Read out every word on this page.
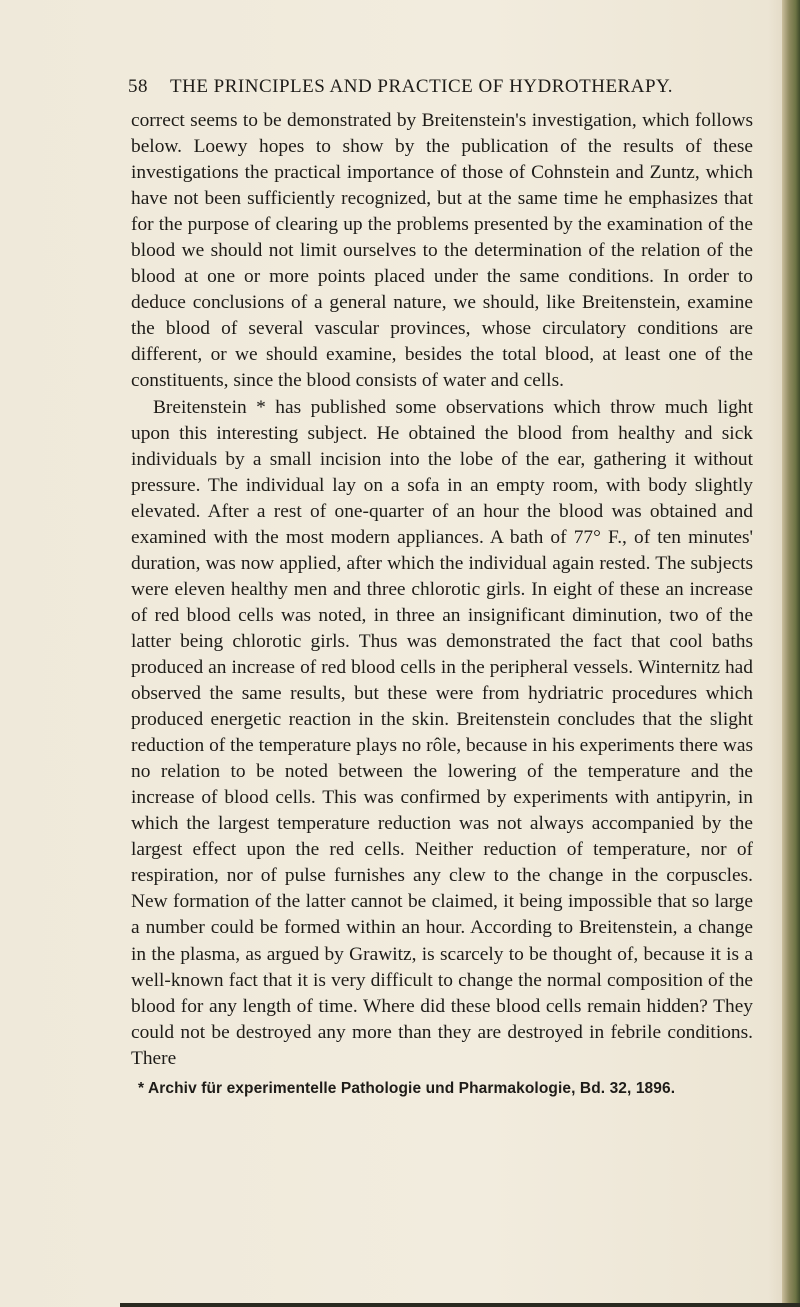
58 THE PRINCIPLES AND PRACTICE OF HYDROTHERAPY.

correct seems to be demonstrated by Breitenstein's investigation, which follows below. Loewy hopes to show by the publication of the results of these investigations the practical importance of those of Cohnstein and Zuntz, which have not been sufficiently recognized, but at the same time he emphasizes that for the purpose of clearing up the problems presented by the examination of the blood we should not limit ourselves to the determination of the relation of the blood at one or more points placed under the same conditions. In order to deduce conclusions of a general nature, we should, like Breitenstein, examine the blood of several vascular provinces, whose circulatory conditions are different, or we should examine, besides the total blood, at least one of the constituents, since the blood consists of water and cells.

Breitenstein * has published some observations which throw much light upon this interesting subject. He obtained the blood from healthy and sick individuals by a small incision into the lobe of the ear, gathering it without pressure. The individual lay on a sofa in an empty room, with body slightly elevated. After a rest of one-quarter of an hour the blood was obtained and examined with the most modern appliances. A bath of 77° F., of ten minutes' duration, was now applied, after which the individual again rested. The subjects were eleven healthy men and three chlorotic girls. In eight of these an increase of red blood cells was noted, in three an insignificant diminution, two of the latter being chlorotic girls. Thus was demonstrated the fact that cool baths produced an increase of red blood cells in the peripheral vessels. Winternitz had observed the same results, but these were from hydriatric procedures which produced energetic reaction in the skin. Breitenstein concludes that the slight reduction of the temperature plays no rôle, because in his experiments there was no relation to be noted between the lowering of the temperature and the increase of blood cells. This was confirmed by experiments with antipyrin, in which the largest temperature reduction was not always accompanied by the largest effect upon the red cells. Neither reduction of temperature, nor of respiration, nor of pulse furnishes any clew to the change in the corpuscles. New formation of the latter cannot be claimed, it being impossible that so large a number could be formed within an hour. According to Breitenstein, a change in the plasma, as argued by Grawitz, is scarcely to be thought of, because it is a well-known fact that it is very difficult to change the normal composition of the blood for any length of time. Where did these blood cells remain hidden? They could not be destroyed any more than they are destroyed in febrile conditions. There

* Archiv für experimentelle Pathologie und Pharmakologie, Bd. 32, 1896.
